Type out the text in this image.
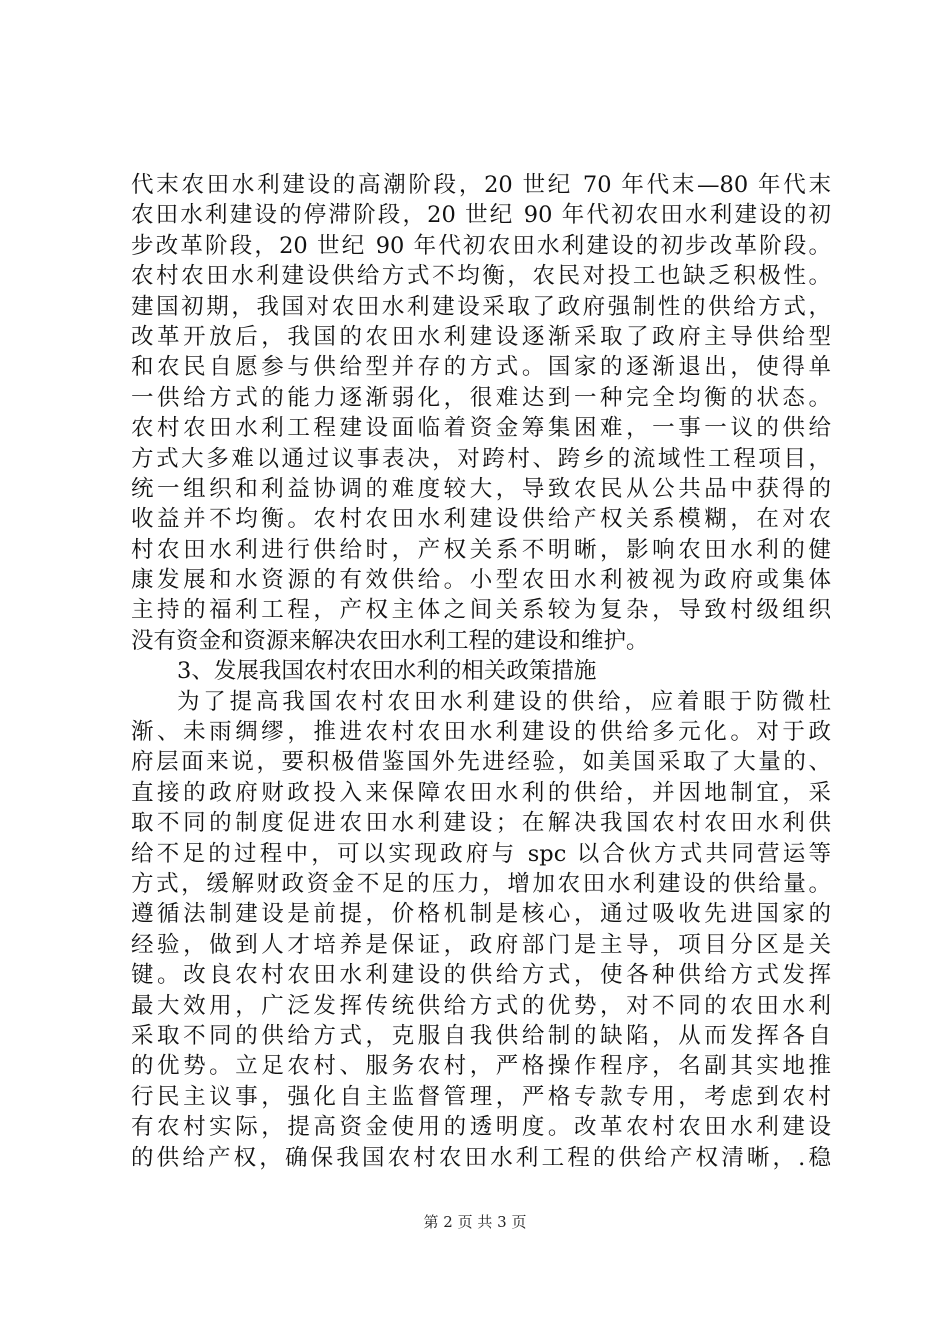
代末农田水利建设的高潮阶段，20 世纪 70 年代末—80 年代末
农田水利建设的停滞阶段，20 世纪 90 年代初农田水利建设的初
步改革阶段，20 世纪 90 年代初农田水利建设的初步改革阶段。
农村农田水利建设供给方式不均衡，农民对投工也缺乏积极性。
建国初期，我国对农田水利建设采取了政府强制性的供给方式，
改革开放后，我国的农田水利建设逐渐采取了政府主导供给型
和农民自愿参与供给型并存的方式。国家的逐渐退出，使得单
一供给方式的能力逐渐弱化，很难达到一种完全均衡的状态。
农村农田水利工程建设面临着资金筹集困难，一事一议的供给
方式大多难以通过议事表决，对跨村、跨乡的流域性工程项目，
统一组织和利益协调的难度较大，导致农民从公共品中获得的
收益并不均衡。农村农田水利建设供给产权关系模糊，在对农
村农田水利进行供给时，产权关系不明晰，影响农田水利的健
康发展和水资源的有效供给。小型农田水利被视为政府或集体
主持的福利工程，产权主体之间关系较为复杂，导致村级组织
没有资金和资源来解决农田水利工程的建设和维护。
3、发展我国农村农田水利的相关政策措施
为了提高我国农村农田水利建设的供给，应着眼于防微杜
渐、未雨绸缪，推进农村农田水利建设的供给多元化。对于政
府层面来说，要积极借鉴国外先进经验，如美国采取了大量的、
直接的政府财政投入来保障农田水利的供给，并因地制宜，采
取不同的制度促进农田水利建设；在解决我国农村农田水利供
给不足的过程中，可以实现政府与 spc 以合伙方式共同营运等
方式，缓解财政资金不足的压力，增加农田水利建设的供给量。
遵循法制建设是前提，价格机制是核心，通过吸收先进国家的
经验，做到人才培养是保证，政府部门是主导，项目分区是关
键。改良农村农田水利建设的供给方式，使各种供给方式发挥
最大效用，广泛发挥传统供给方式的优势，对不同的农田水利
采取不同的供给方式，克服自我供给制的缺陷，从而发挥各自
的优势。立足农村、服务农村，严格操作程序，名副其实地推
行民主议事，强化自主监督管理，严格专款专用，考虑到农村
有农村实际，提高资金使用的透明度。改革农村农田水利建设
的供给产权，确保我国农村农田水利工程的供给产权清晰，.稳
第 2 页 共 3 页
